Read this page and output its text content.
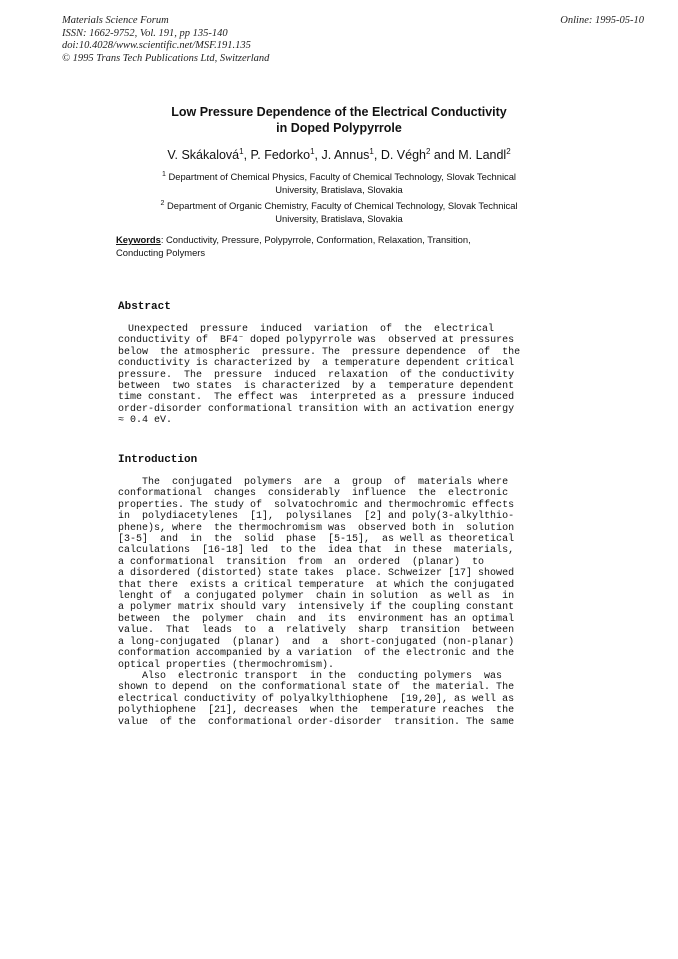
Materials Science Forum
ISSN: 1662-9752, Vol. 191, pp 135-140
doi:10.4028/www.scientific.net/MSF.191.135
© 1995 Trans Tech Publications Ltd, Switzerland
Online: 1995-05-10
Low Pressure Dependence of the Electrical Conductivity
in Doped Polypyrrole
V. Skákalová$^1$, P. Fedorko$^1$, J. Annus$^1$, D. Végh$^2$ and M. Landl$^2$
$^1$ Department of Chemical Physics, Faculty of Chemical Technology, Slovak Technical
University, Bratislava, Slovakia
$^2$ Department of Organic Chemistry, Faculty of Chemical Technology, Slovak Technical
University, Bratislava, Slovakia
Keywords: Conductivity, Pressure, Polypyrrole, Conformation, Relaxation, Transition,
Conducting Polymers
Abstract
Unexpected  pressure  induced  variation  of  the  electrical
conductivity of  BF4⁻ doped polypyrrole was  observed at pressures
below  the atmospheric  pressure. The  pressure dependence  of  the
conductivity is characterized by  a temperature dependent critical
pressure.  The  pressure  induced  relaxation  of the conductivity
between  two states  is characterized  by a  temperature dependent
time constant.  The effect was  interpreted as a  pressure induced
order-disorder conformational transition with an activation energy
≈ 0.4 eV.
Introduction
The  conjugated  polymers  are  a  group  of  materials where
conformational  changes  considerably  influence  the  electronic
properties. The study of  solvatochromic and thermochromic effects
in  polydiacetylenes  [1],  polysilanes  [2] and poly(3-alkylthio-
phene)s, where  the thermochromism was  observed both in  solution
[3-5]  and  in  the  solid  phase  [5-15],  as well as theoretical
calculations  [16-18] led  to the  idea that  in these  materials,
a conformational  transition  from  an  ordered  (planar)  to
a disordered (distorted) state takes  place. Schweizer [17] showed
that there  exists a critical temperature  at which the conjugated
lenght of  a conjugated polymer  chain in solution  as well as  in
a polymer matrix should vary  intensively if the coupling constant
between  the  polymer  chain  and  its  environment has an optimal
value.  That  leads  to  a  relatively  sharp  transition  between
a long-conjugated  (planar)  and  a  short-conjugated (non-planar)
conformation accompanied by a variation  of the electronic and the
optical properties (thermochromism).
Also  electronic transport  in the  conducting polymers  was
shown to depend  on the conformational state of  the material. The
electrical conductivity of polyalkylthiophene  [19,20], as well as
polythiophene  [21], decreases  when the  temperature reaches  the
value  of the  conformational order-disorder  transition. The same
